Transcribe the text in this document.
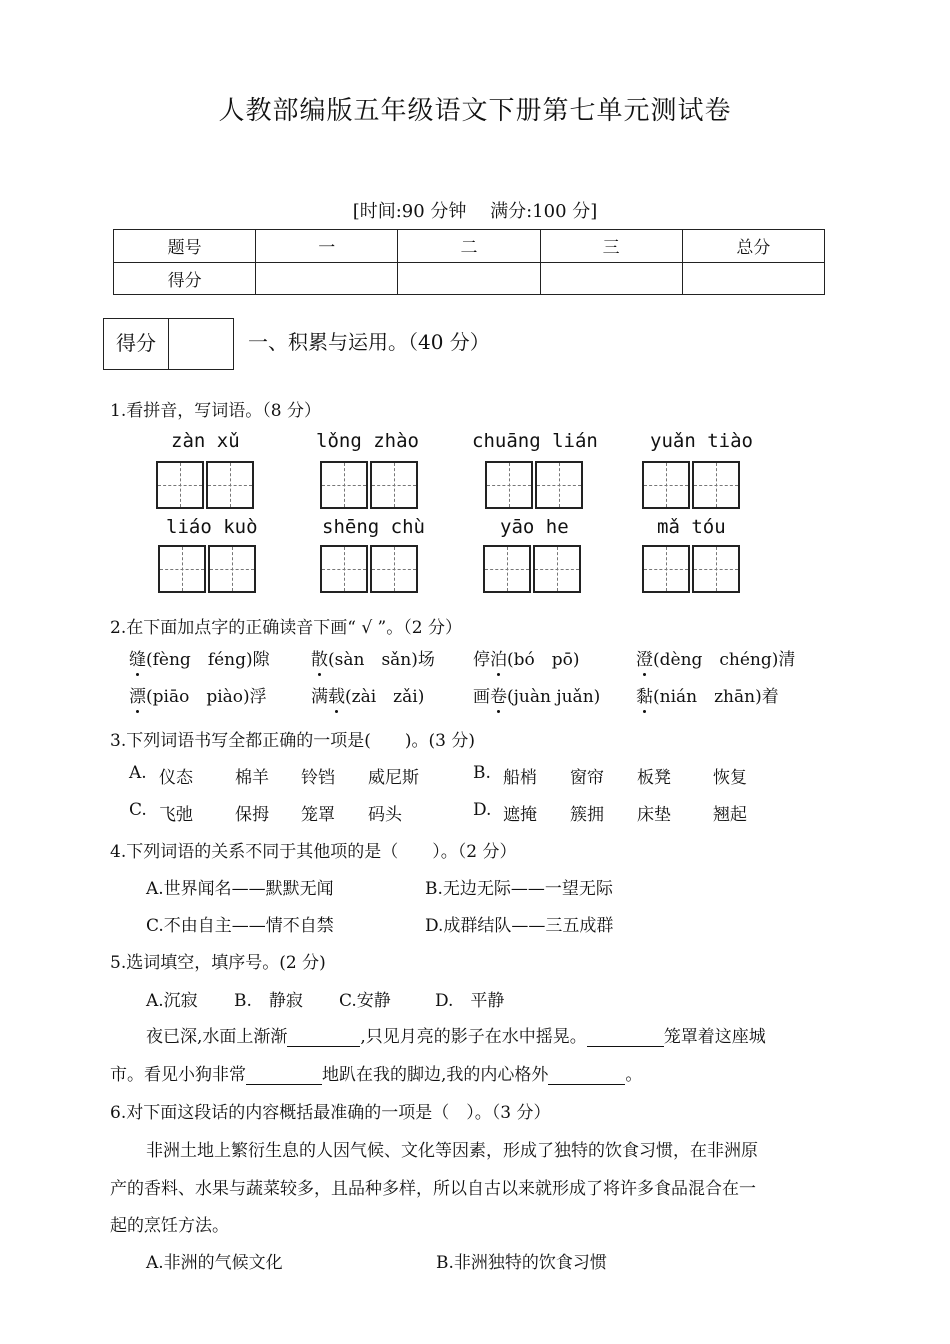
人教部编版五年级语文下册第七单元测试卷
[时间:90 分钟　 满分:100 分]
题号	一	二	三	总分
得分				
得分	一、积累与运用。（40 分）
1.看拼音，写词语。（8 分）
zàn xǔ	lǒng zhào	chuāng lián	yuǎn tiào
liáo kuò	shēng chù	yāo he	mǎ tóu
2.在下面加点字的正确读音下画“ √ ”。（2 分）
缝(fèng　féng)隙 散(sàn　sǎn)场 停泊(bó　pō)	澄(dèng　chéng)清
漂(piāo　piào)浮	满载(zài　zǎi)	画卷(juàn juǎn) 黏(nián　zhān)着
3.下列词语书写全都正确的一项是(　　)。(3 分)
A. 仪态 棉羊 铃铛 威尼斯	B. 船梢 窗帘 板凳 恢复
C. 飞弛 保拇 笼罩 码头	D. 遮掩 簇拥 床垫 翘起
4.下列词语的关系不同于其他项的是（　　）。（2 分）
A.世界闻名——默默无闻	B.无边无际——一望无际
C.不由自主——情不自禁	D.成群结队——三五成群
5.选词填空，填序号。(2 分)
A.沉寂 B.　静寂 C.安静	D.　平静
夜已深,水面上渐渐	,只见月亮的影子在水中摇晃。	笼罩着这座城
市。看见小狗非常	地趴在我的脚边,我的内心格外	。
6.对下面这段话的内容概括最准确的一项是（　）。（3 分）
非洲土地上繁衍生息的人因气候、文化等因素，形成了独特的饮食习惯，在非洲原
产的香料、水果与蔬菜较多，且品种多样，所以自古以来就形成了将许多食品混合在一
起的烹饪方法。
A.非洲的气候文化	B.非洲独特的饮食习惯
